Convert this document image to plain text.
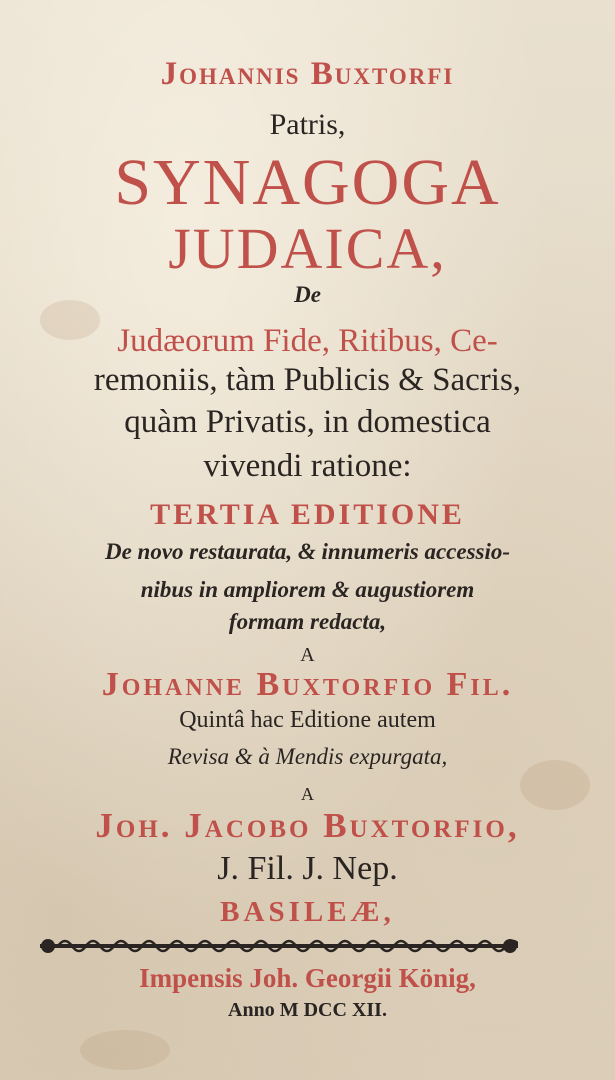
Johannis Buxtorfi
Patris,
SYNAGOGA
JUDAICA,
De
Judæorum Fide, Ritibus, Ce-
remoniis, tàm Publicis & Sacris,
quàm Privatis, in domestica
vivendi ratione:
TERTIA EDITIONE
De novo restaurata, & innumeris accessio-
nibus in ampliorem & augustiorem
formam redacta,
A
Johanne Buxtorfio Fil.
Quintâ hac Editione autem
Revisa & à Mendis expurgata,
A
Joh. Jacobo Buxtorfio,
J. Fil. J. Nep.
BASILEÆ,
Impensis Joh. Georgii König,
Anno M DCC XII.
